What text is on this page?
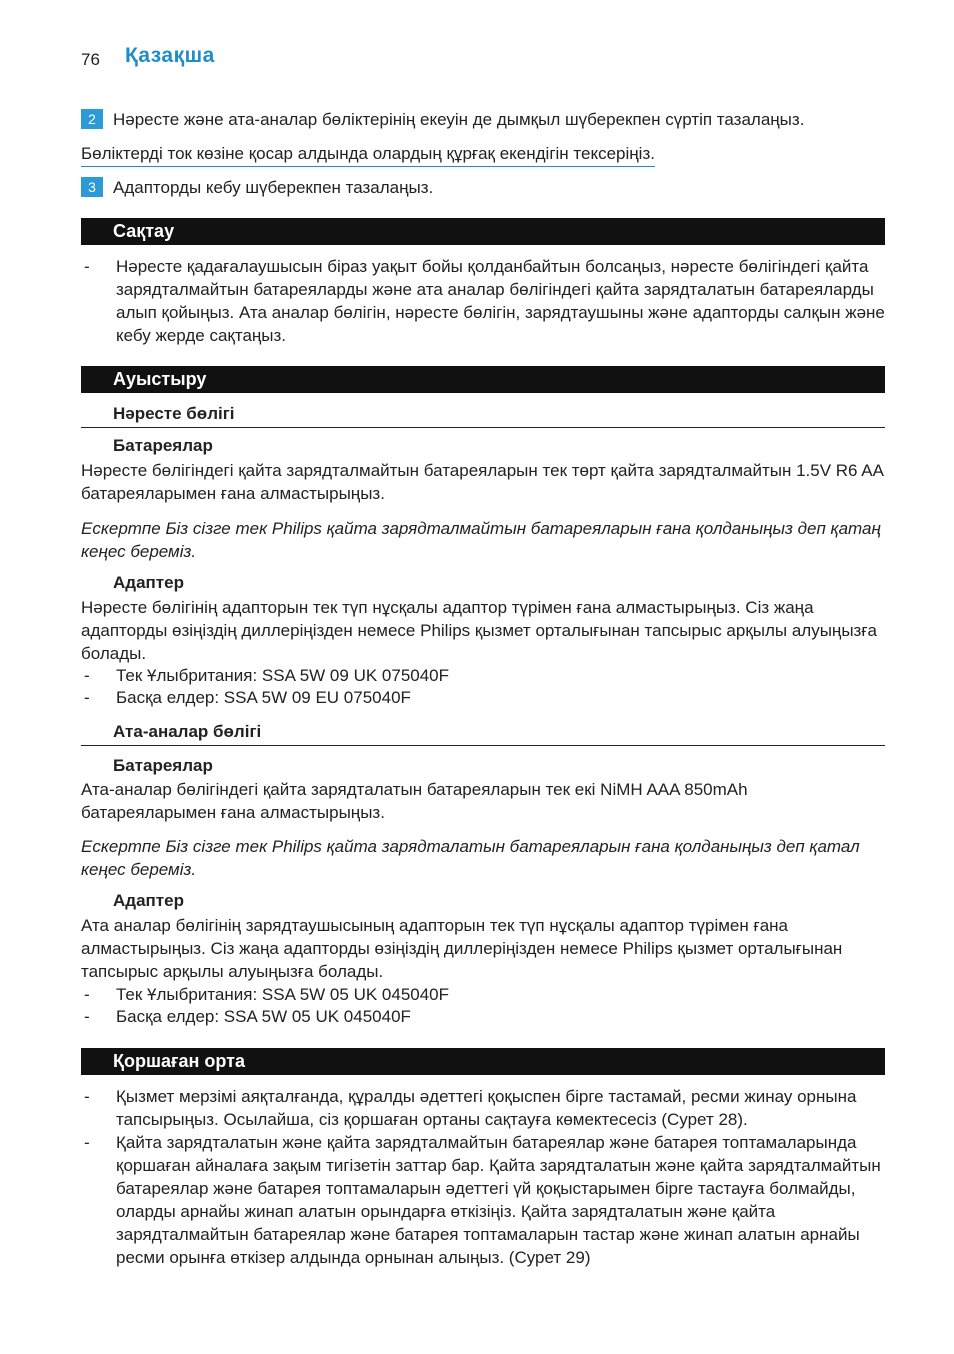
76 Қазақша
2	Нәресте және ата-аналар бөліктерінің екеуін де дымқыл шүберекпен сүртіп тазалаңыз.
Бөліктерді ток көзіне қосар алдында олардың құрғақ екендігін тексеріңіз.
3	Адапторды кебу шүберекпен тазалаңыз.
Сақтау
-	Нәресте қадағалаушысын біраз уақыт бойы қолданбайтын болсаңыз, нәресте бөлігіндегі қайта зарядталмайтын батареяларды және ата аналар бөлігіндегі қайта зарядталатын батареяларды алып қойыңыз. Ата аналар бөлігін, нәресте бөлігін, зарядтаушыны және адапторды салқын және кебу жерде сақтаңыз.
Ауыстыру
Нәресте бөлігі
Батареялар
Нәресте бөлігіндегі қайта зарядталмайтын батареяларын тек төрт қайта зарядталмайтын 1.5V R6 AA батареяларымен ғана алмастырыңыз.
Ескертпе Біз сізге тек Philips қайта зарядталмайтын батареяларын ғана қолданыңыз деп қатаң кеңес береміз.
Адаптер
Нәресте бөлігінің адапторын тек түп нұсқалы адаптор түрімен ғана алмастырыңыз. Сіз жаңа адапторды өзіңіздің диллеріңізден немесе Philips қызмет орталығынан тапсырыс арқылы алуыңызға болады.
-	Тек Ұлыбритания: SSA 5W 09 UK 075040F
-	Басқа елдер: SSA 5W 09 EU 075040F
Ата-аналар бөлігі
Батареялар
Ата-аналар бөлігіндегі қайта зарядталатын батареяларын тек екі NiMH AAA 850mAh батареяларымен ғана алмастырыңыз.
Ескертпе Біз сізге тек Philips қайта зарядталатын батареяларын ғана қолданыңыз деп қатал кеңес береміз.
Адаптер
Ата аналар бөлігінің зарядтаушысының адапторын тек түп нұсқалы адаптор түрімен ғана алмастырыңыз. Сіз жаңа адапторды өзіңіздің диллеріңізден немесе Philips қызмет орталығынан тапсырыс арқылы алуыңызға болады.
-	Тек Ұлыбритания: SSA 5W 05 UK 045040F
-	Басқа елдер: SSA 5W 05 UK 045040F
Қоршаған орта
-	Қызмет мерзімі аяқталғанда, құралды әдеттегі қоқыспен бірге тастамай, ресми жинау орнына тапсырыңыз. Осылайша, сіз қоршаған ортаны сақтауға көмектесесіз (Сурет 28).
-	Қайта зарядталатын және қайта зарядталмайтын батареялар және батарея топтамаларында қоршаған айналаға зақым тигізетін заттар бар. Қайта зарядталатын және қайта зарядталмайтын батареялар және батарея топтамаларын әдеттегі үй қоқыстарымен бірге тастауға болмайды, оларды арнайы жинап алатын орындарға өткізіңіз. Қайта зарядталатын және қайта зарядталмайтын батареялар және батарея топтамаларын тастар және жинап алатын арнайы ресми орынға өткізер алдында орнынан алыңыз. (Сурет 29)
